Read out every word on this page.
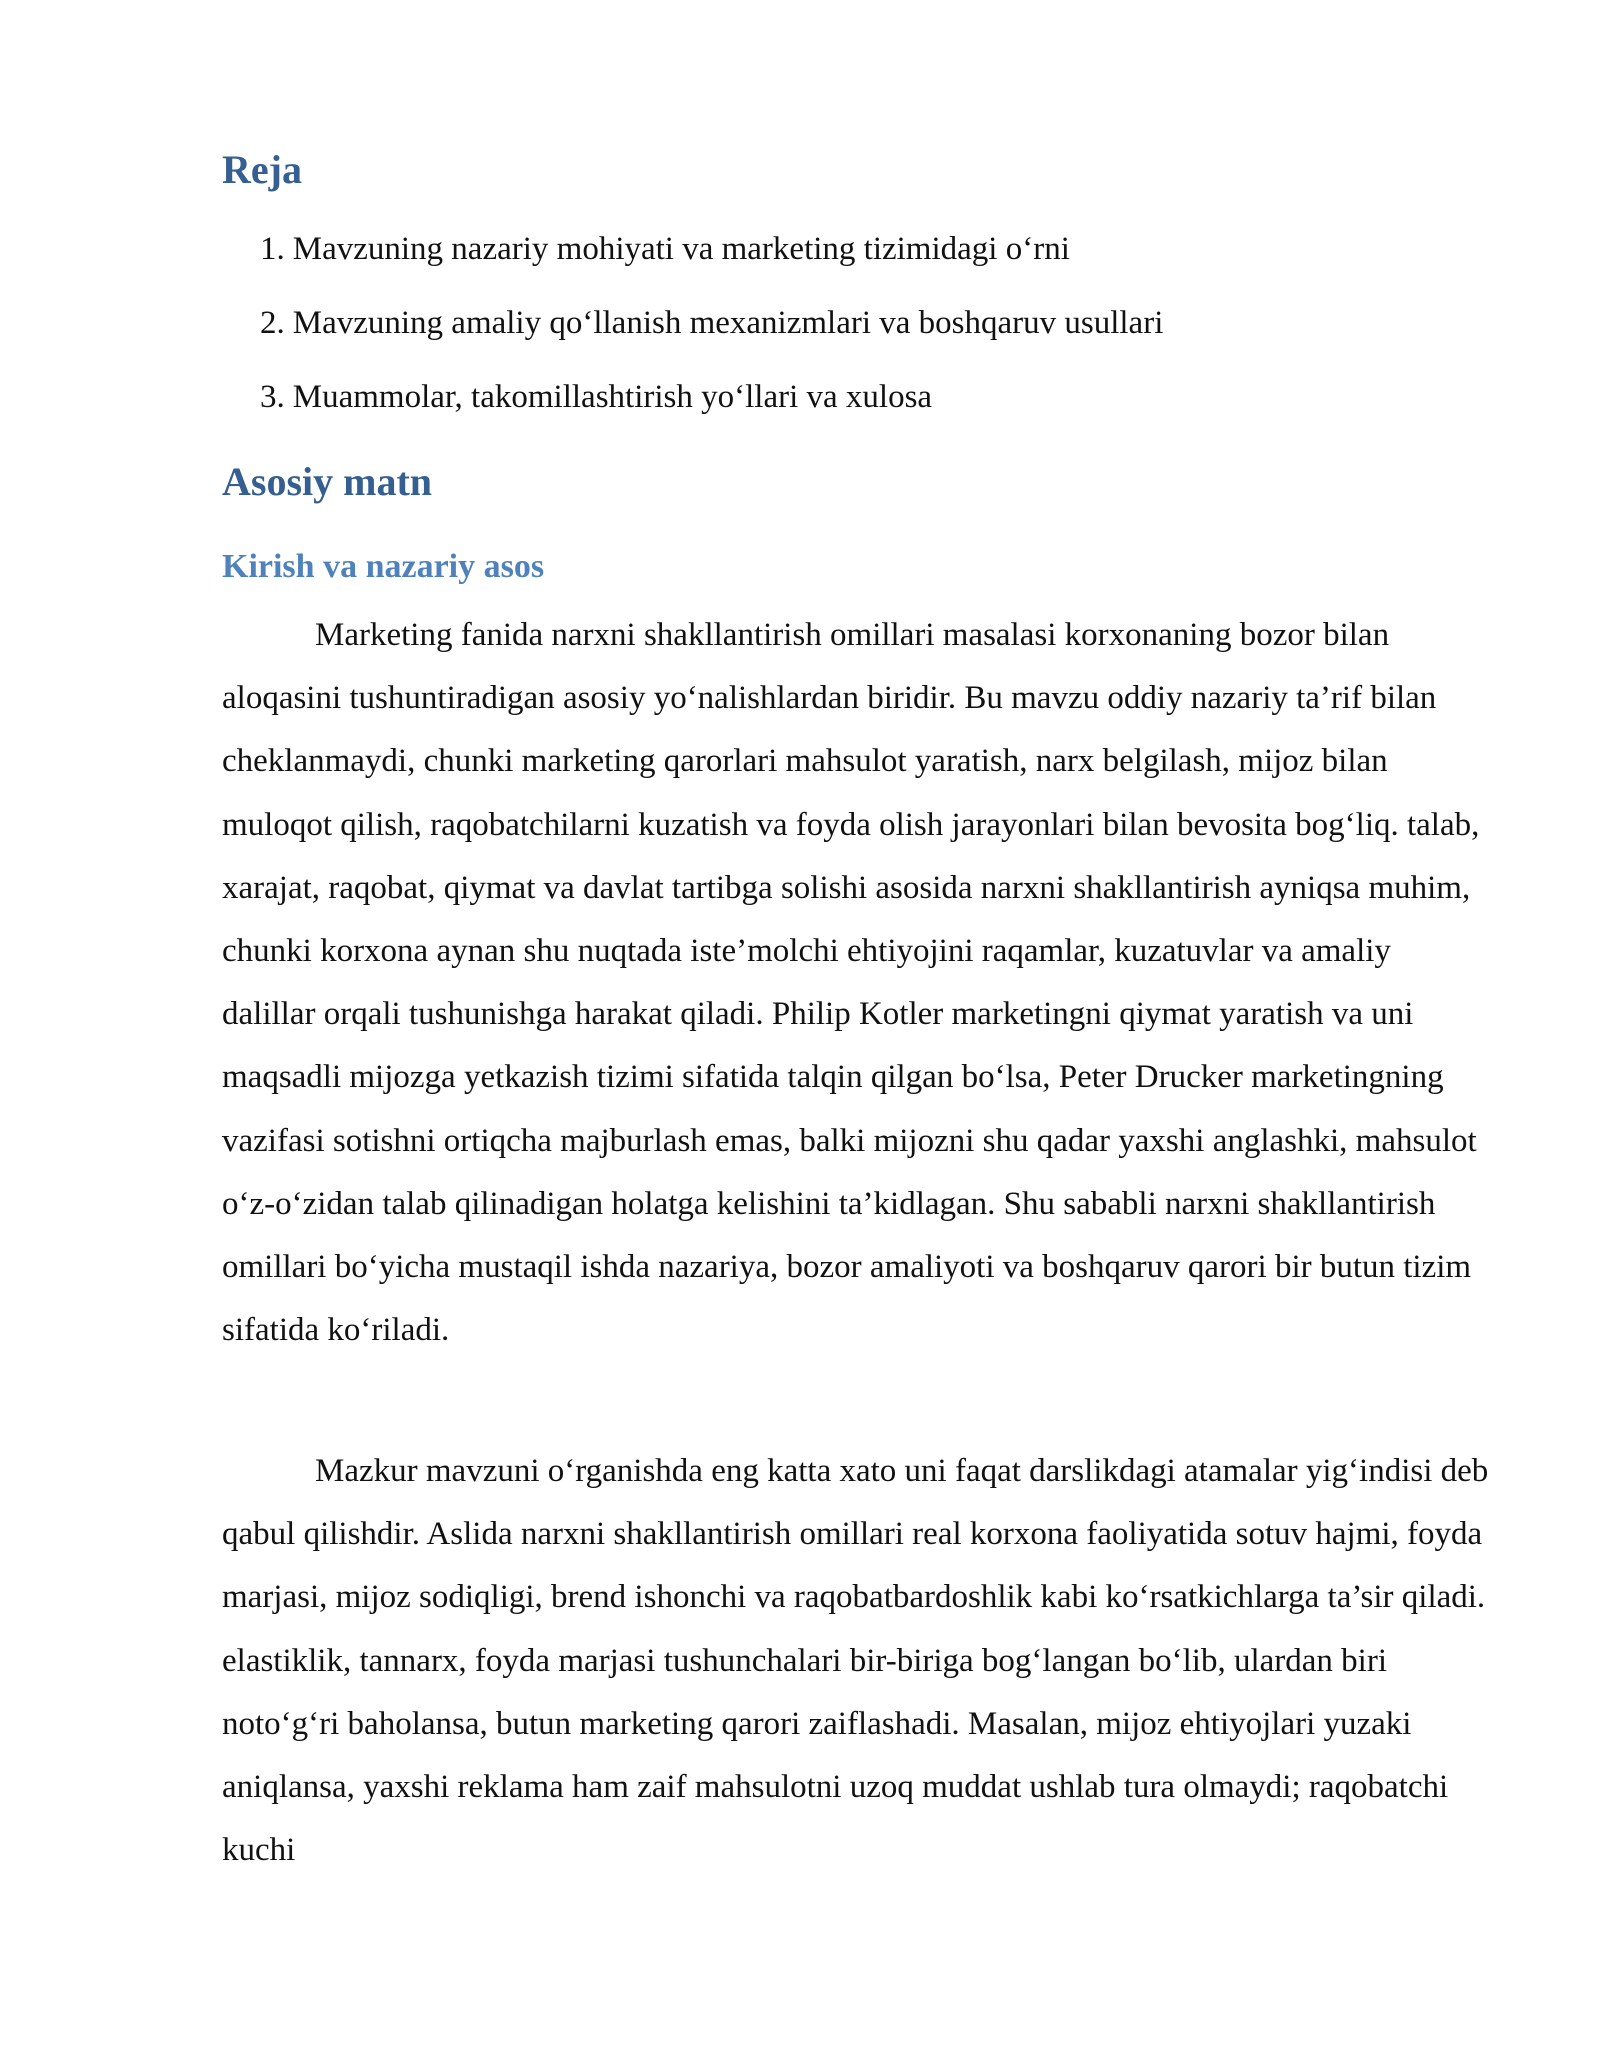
Reja
1. Mavzuning nazariy mohiyati va marketing tizimidagi o‘rni
2. Mavzuning amaliy qo‘llanish mexanizmlari va boshqaruv usullari
3. Muammolar, takomillashtirish yo‘llari va xulosa
Asosiy matn
Kirish va nazariy asos

Marketing fanida narxni shakllantirish omillari masalasi korxonaning bozor bilan aloqasini tushuntiradigan asosiy yo‘nalishlardan biridir. Bu mavzu oddiy nazariy ta’rif bilan cheklanmaydi, chunki marketing qarorlari mahsulot yaratish, narx belgilash, mijoz bilan muloqot qilish, raqobatchilarni kuzatish va foyda olish jarayonlari bilan bevosita bog‘liq. talab, xarajat, raqobat, qiymat va davlat tartibga solishi asosida narxni shakllantirish ayniqsa muhim, chunki korxona aynan shu nuqtada iste’molchi ehtiyojini raqamlar, kuzatuvlar va amaliy dalillar orqali tushunishga harakat qiladi. Philip Kotler marketingni qiymat yaratish va uni maqsadli mijozga yetkazish tizimi sifatida talqin qilgan bo‘lsa, Peter Drucker marketingning vazifasi sotishni ortiqcha majburlash emas, balki mijozni shu qadar yaxshi anglashki, mahsulot o‘z-o‘zidan talab qilinadigan holatga kelishini ta’kidlagan. Shu sababli narxni shakllantirish omillari bo‘yicha mustaqil ishda nazariya, bozor amaliyoti va boshqaruv qarori bir butun tizim sifatida ko‘riladi.

Mazkur mavzuni o‘rganishda eng katta xato uni faqat darslikdagi atamalar yig‘indisi deb qabul qilishdir. Aslida narxni shakllantirish omillari real korxona faoliyatida sotuv hajmi, foyda marjasi, mijoz sodiqligi, brend ishonchi va raqobatbardoshlik kabi ko‘rsatkichlarga ta’sir qiladi. elastiklik, tannarx, foyda marjasi tushunchalari bir-biriga bog‘langan bo‘lib, ulardan biri noto‘g‘ri baholansa, butun marketing qarori zaiflashadi. Masalan, mijoz ehtiyojlari yuzaki aniqlansa, yaxshi reklama ham zaif mahsulotni uzoq muddat ushlab tura olmaydi; raqobatchi kuchi
